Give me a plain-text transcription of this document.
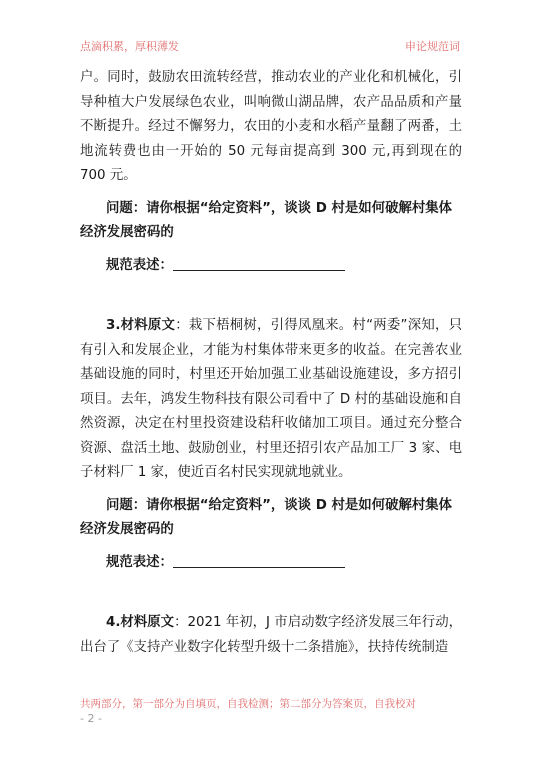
点滴积累，厚积薄发	申论规范词

户。同时，鼓励农田流转经营，推动农业的产业化和机械化，引导种植大户发展绿色农业，叫响微山湖品牌，农产品品质和产量不断提升。经过不懈努力，农田的小麦和水稻产量翻了两番，土地流转费也由一开始的 50 元每亩提高到 300 元,再到现在的 700 元。

问题：请你根据“给定资料”，谈谈 D 村是如何破解村集体经济发展密码的

规范表述：

3.材料原文：栽下梧桐树，引得凤凰来。村“两委”深知，只有引入和发展企业，才能为村集体带来更多的收益。在完善农业基础设施的同时，村里还开始加强工业基础设施建设，多方招引项目。去年，鸿发生物科技有限公司看中了 D 村的基础设施和自然资源，决定在村里投资建设秸秆收储加工项目。通过充分整合资源、盘活土地、鼓励创业，村里还招引农产品加工厂 3 家、电子材料厂 1 家，使近百名村民实现就地就业。

问题：请你根据“给定资料”，谈谈 D 村是如何破解村集体经济发展密码的

规范表述：

4.材料原文：2021 年初，J 市启动数字经济发展三年行动，出台了《支持产业数字化转型升级十二条措施》，扶持传统制造

共两部分，第一部分为自填页，自我检测；第二部分为答案页，自我校对
- 2 -
